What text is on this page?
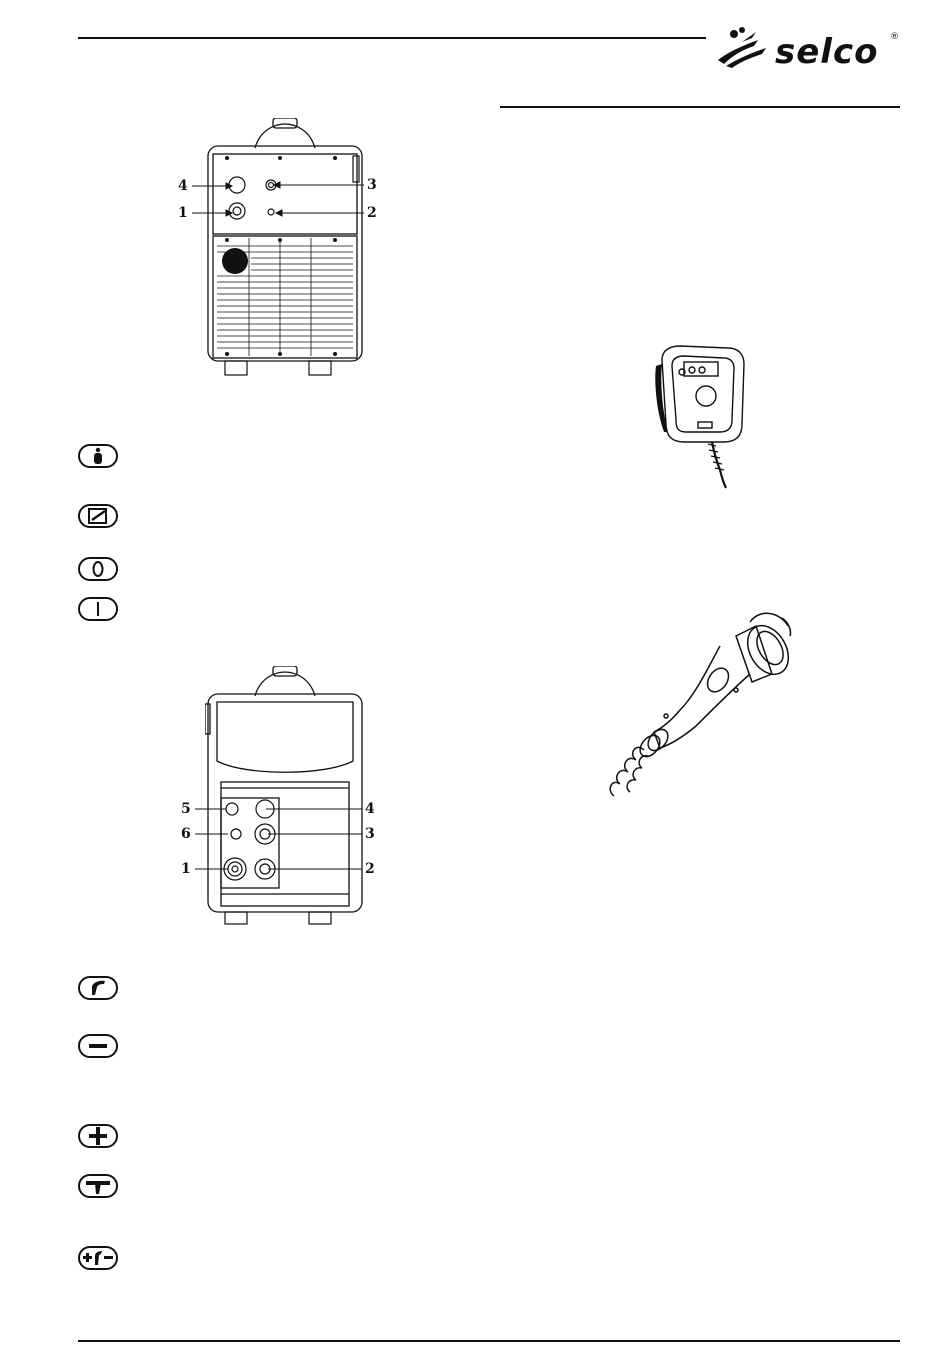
selco ®
4
1
3
2
5
6
1
4
3
2
